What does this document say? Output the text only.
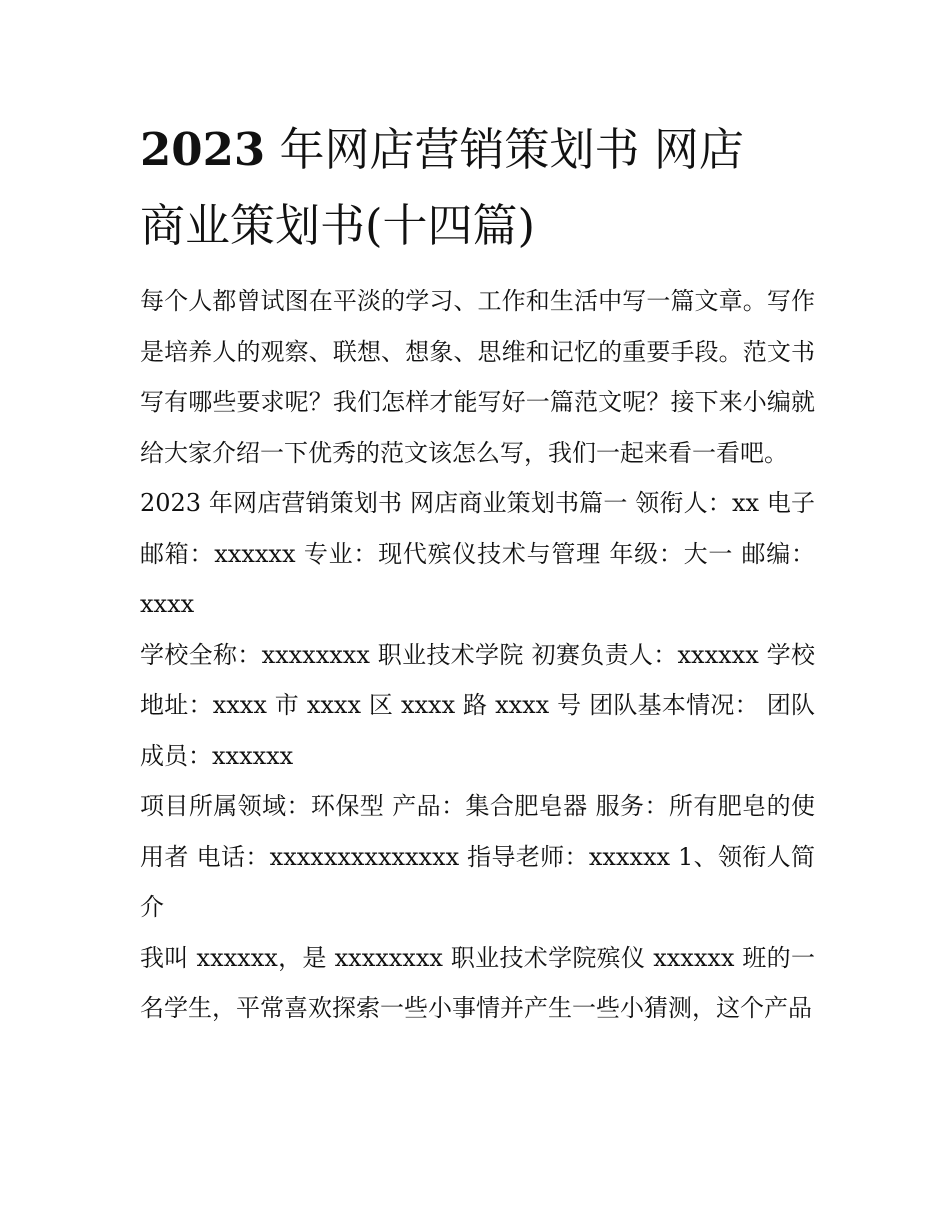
2023 年网店营销策划书 网店
商业策划书(十四篇)

每个人都曾试图在平淡的学习、工作和生活中写一篇文章。写作是培养人的观察、联想、想象、思维和记忆的重要手段。范文书写有哪些要求呢？我们怎样才能写好一篇范文呢？接下来小编就给大家介绍一下优秀的范文该怎么写，我们一起来看一看吧。

2023 年网店营销策划书 网店商业策划书篇一 领衔人：xx 电子邮箱：xxxxxx 专业：现代殡仪技术与管理 年级：大一 邮编：xxxx

学校全称：xxxxxxxx 职业技术学院 初赛负责人：xxxxxx 学校地址：xxxx 市 xxxx 区 xxxx 路 xxxx 号 团队基本情况： 团队成员：xxxxxx

项目所属领域：环保型 产品：集合肥皂器 服务：所有肥皂的使用者 电话：xxxxxxxxxxxxxx 指导老师：xxxxxx 1、领衔人简介

我叫 xxxxxx，是 xxxxxxxx 职业技术学院殡仪 xxxxxx 班的一名学生，平常喜欢探索一些小事情并产生一些小猜测，这个产品
